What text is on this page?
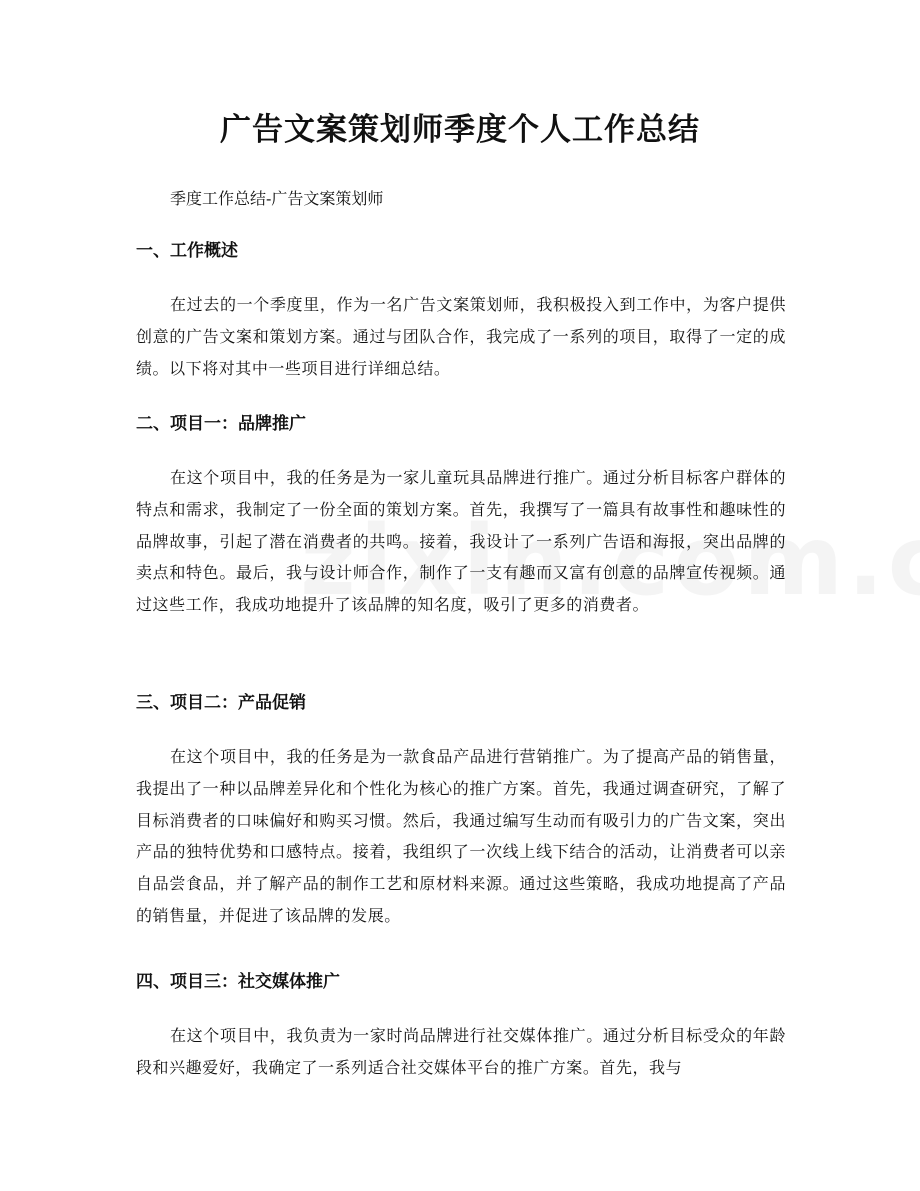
广告文案策划师季度个人工作总结

季度工作总结-广告文案策划师

一、工作概述

在过去的一个季度里，作为一名广告文案策划师，我积极投入到工作中，为客户提供创意的广告文案和策划方案。通过与团队合作，我完成了一系列的项目，取得了一定的成绩。以下将对其中一些项目进行详细总结。

二、项目一：品牌推广

在这个项目中，我的任务是为一家儿童玩具品牌进行推广。通过分析目标客户群体的特点和需求，我制定了一份全面的策划方案。首先，我撰写了一篇具有故事性和趣味性的品牌故事，引起了潜在消费者的共鸣。接着，我设计了一系列广告语和海报，突出品牌的卖点和特色。最后，我与设计师合作，制作了一支有趣而又富有创意的品牌宣传视频。通过这些工作，我成功地提升了该品牌的知名度，吸引了更多的消费者。

三、项目二：产品促销

在这个项目中，我的任务是为一款食品产品进行营销推广。为了提高产品的销售量，我提出了一种以品牌差异化和个性化为核心的推广方案。首先，我通过调查研究，了解了目标消费者的口味偏好和购买习惯。然后，我通过编写生动而有吸引力的广告文案，突出产品的独特优势和口感特点。接着，我组织了一次线上线下结合的活动，让消费者可以亲自品尝食品，并了解产品的制作工艺和原材料来源。通过这些策略，我成功地提高了产品的销售量，并促进了该品牌的发展。

四、项目三：社交媒体推广

在这个项目中，我负责为一家时尚品牌进行社交媒体推广。通过分析目标受众的年龄段和兴趣爱好，我确定了一系列适合社交媒体平台的推广方案。首先，我与
